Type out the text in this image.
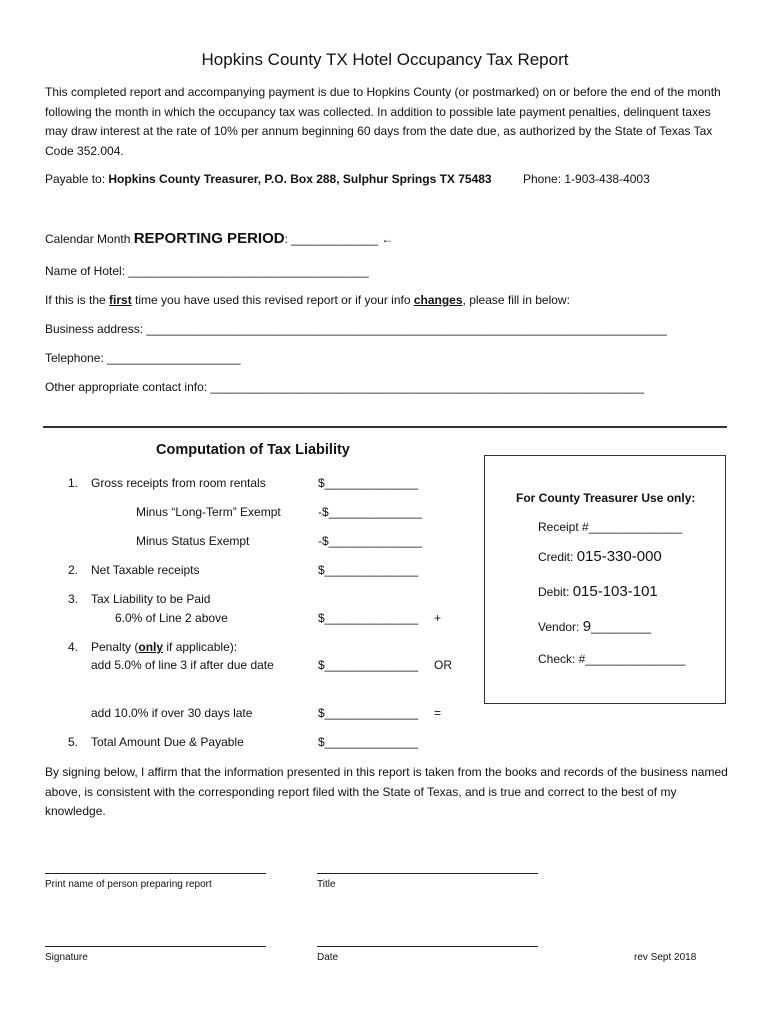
Hopkins County TX Hotel Occupancy Tax Report
This completed report and accompanying payment is due to Hopkins County (or postmarked) on or before the end of the month following the month in which the occupancy tax was collected. In addition to possible late payment penalties, delinquent taxes may draw interest at the rate of 10% per annum beginning 60 days from the date due, as authorized by the State of Texas Tax Code 352.004.
Payable to: Hopkins County Treasurer, P.O. Box 288, Sulphur Springs TX 75483	Phone: 1-903-438-4003
Calendar Month REPORTING PERIOD: _____________ ←
Name of Hotel: ____________________________________
If this is the first time you have used this revised report or if your info changes, please fill in below:
Business address: ______________________________________________________________________________
Telephone: ____________________
Other appropriate contact info: _________________________________________________________________
Computation of Tax Liability
1. Gross receipts from room rentals	$______________
Minus “Long-Term” Exempt	-$______________
Minus Status Exempt	-$______________
2. Net Taxable receipts	$______________
3. Tax Liability to be Paid
6.0% of Line 2 above	$______________ +
4. Penalty (only if applicable):
add 5.0% of line 3 if after due date	$______________ OR
add 10.0% if over 30 days late	$______________ =
5. Total Amount Due & Payable	$______________
For County Treasurer Use only:
Receipt #______________
Credit: 015-330-000
Debit: 015-103-101
Vendor: 9_________
Check: #_______________
By signing below, I affirm that the information presented in this report is taken from the books and records of the business named above, is consistent with the corresponding report filed with the State of Texas, and is true and correct to the best of my knowledge.
Print name of person preparing report	Title
Signature	Date	rev Sept 2018
